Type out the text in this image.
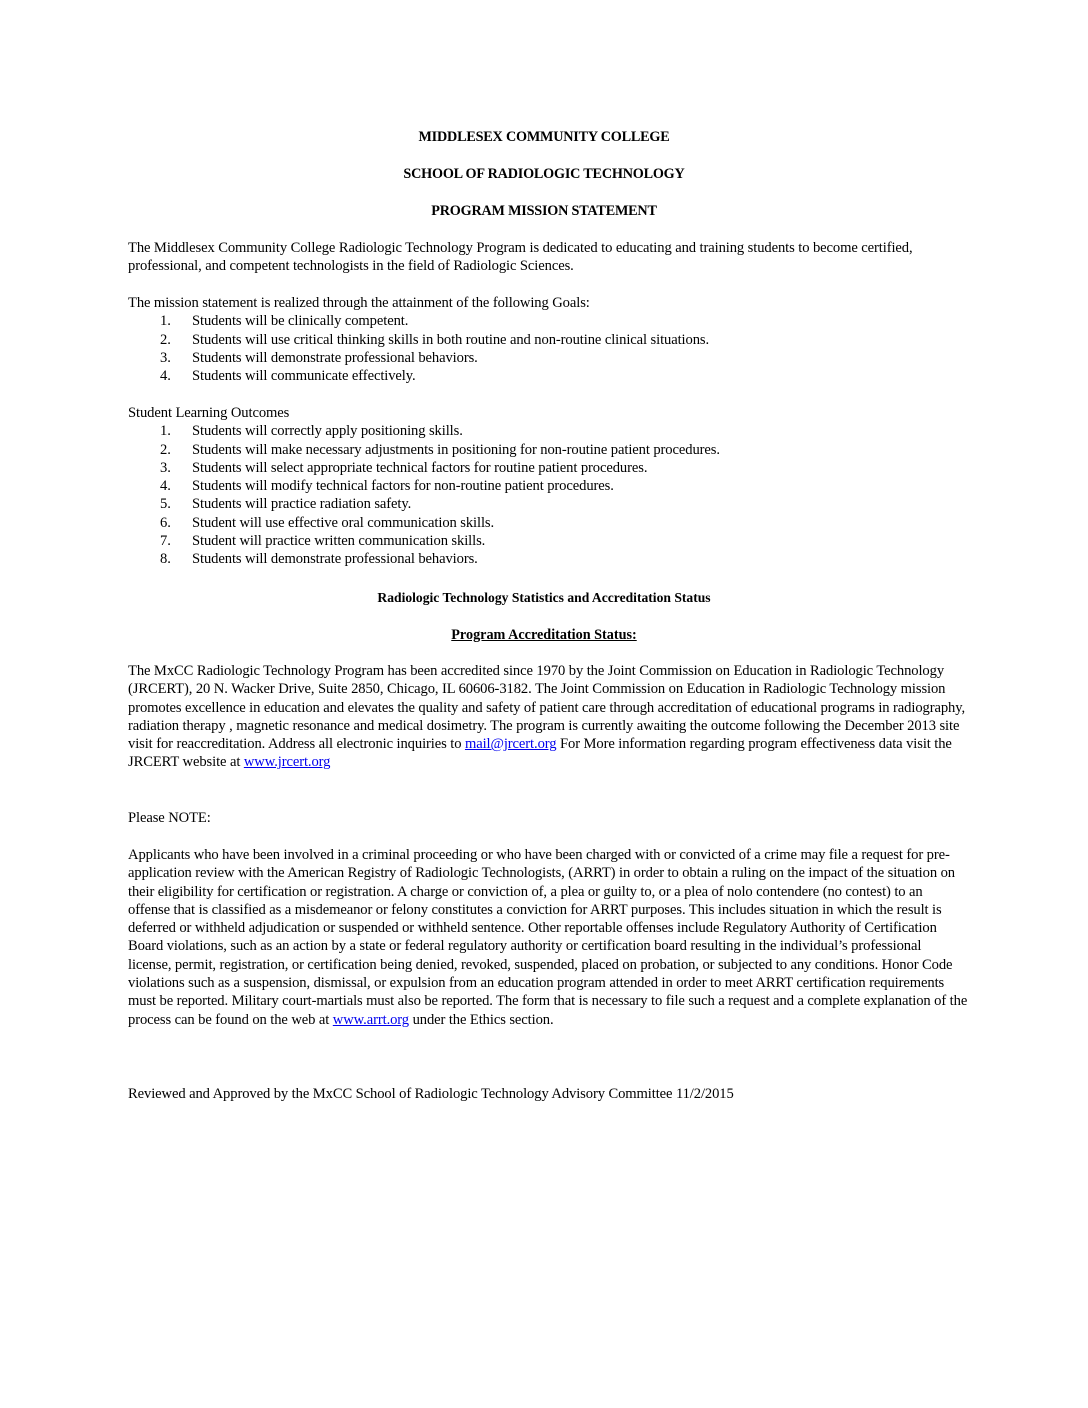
MIDDLESEX COMMUNITY COLLEGE
SCHOOL OF RADIOLOGIC TECHNOLOGY
PROGRAM MISSION STATEMENT

The Middlesex Community College Radiologic Technology Program is dedicated to educating and training students to become certified, professional, and competent technologists in the field of Radiologic Sciences.

The mission statement is realized through the attainment of the following Goals:

1. Students will be clinically competent.
2. Students will use critical thinking skills in both routine and non-routine clinical situations.
3. Students will demonstrate professional behaviors.
4. Students will communicate effectively.

Student Learning Outcomes

1. Students will correctly apply positioning skills.
2. Students will make necessary adjustments in positioning for non-routine patient procedures.
3. Students will select appropriate technical factors for routine patient procedures.
4. Students will modify technical factors for non-routine patient procedures.
5. Students will practice radiation safety.
6. Student will use effective oral communication skills.
7. Student will practice written communication skills.
8. Students will demonstrate professional behaviors.
Radiologic Technology Statistics and Accreditation Status
Program Accreditation Status:

The MxCC Radiologic Technology Program has been accredited since 1970 by the Joint Commission on Education in Radiologic Technology (JRCERT), 20 N. Wacker Drive, Suite 2850, Chicago, IL 60606-3182. The Joint Commission on Education in Radiologic Technology mission promotes excellence in education and elevates the quality and safety of patient care through accreditation of educational programs in radiography, radiation therapy , magnetic resonance and medical dosimetry. The program is currently awaiting the outcome following the December 2013 site visit for reaccreditation. Address all electronic inquiries to mail@jrcert.org For More information regarding program effectiveness data visit the JRCERT website at www.jrcert.org

Please NOTE:

Applicants who have been involved in a criminal proceeding or who have been charged with or convicted of a crime may file a request for pre-application review with the American Registry of Radiologic Technologists, (ARRT) in order to obtain a ruling on the impact of the situation on their eligibility for certification or registration. A charge or conviction of, a plea or guilty to, or a plea of nolo contendere (no contest) to an offense that is classified as a misdemeanor or felony constitutes a conviction for ARRT purposes. This includes situation in which the result is deferred or withheld adjudication or suspended or withheld sentence. Other reportable offenses include Regulatory Authority of Certification Board violations, such as an action by a state or federal regulatory authority or certification board resulting in the individual’s professional license, permit, registration, or certification being denied, revoked, suspended, placed on probation, or subjected to any conditions. Honor Code violations such as a suspension, dismissal, or expulsion from an education program attended in order to meet ARRT certification requirements must be reported. Military court-martials must also be reported. The form that is necessary to file such a request and a complete explanation of the process can be found on the web at www.arrt.org under the Ethics section.

Reviewed and Approved by the MxCC School of Radiologic Technology Advisory Committee 11/2/2015
